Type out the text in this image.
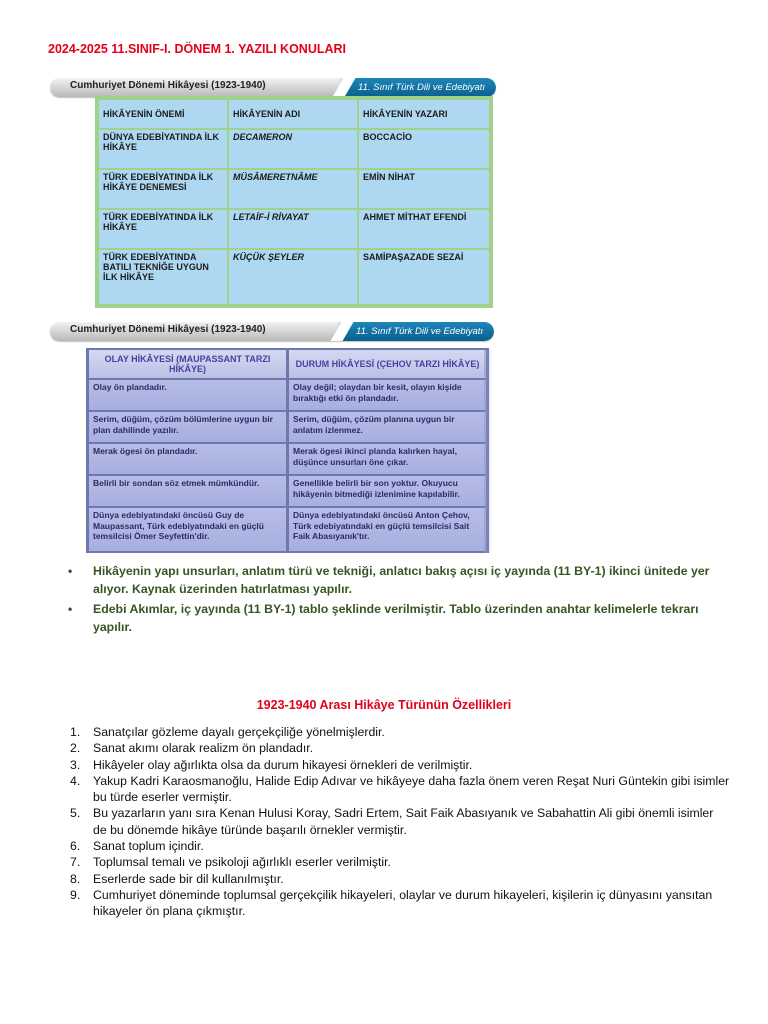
2024-2025 11.SINIF-I. DÖNEM 1. YAZILI KONULARI
Cumhuriyet Dönemi Hikâyesi (1923-1940)	11. Sınıf Türk Dili ve Edebiyatı
HİKÂYENİN ÖNEMİ	HİKÂYENİN ADI	HİKÂYENİN YAZARI
DÜNYA EDEBİYATINDA İLK HİKÂYE	DECAMERON	BOCCACİO
TÜRK EDEBİYATINDA İLK HİKÂYE DENEMESİ	MÜSÂMERETNÂME	EMİN NİHAT
TÜRK EDEBİYATINDA İLK HİKÂYE	LETAİF-İ RİVAYAT	AHMET MİTHAT EFENDİ
TÜRK EDEBİYATINDA BATILI TEKNİĞE UYGUN İLK HİKÂYE	KÜÇÜK ŞEYLER	SAMİPAŞAZADE SEZAİ
Cumhuriyet Dönemi Hikâyesi (1923-1940)	11. Sınıf Türk Dili ve Edebiyatı
OLAY HİKÂYESİ (MAUPASSANT TARZI HİKÂYE)	DURUM HİKÂYESİ (ÇEHOV TARZI HİKÂYE)
Olay ön plandadır.	Olay değil; olaydan bir kesit, olayın kişide bıraktığı etki ön plandadır.
Serim, düğüm, çözüm bölümlerine uygun bir plan dahilinde yazılır.	Serim, düğüm, çözüm planına uygun bir anlatım izlenmez.
Merak ögesi ön plandadır.	Merak ögesi ikinci planda kalırken hayal, düşünce unsurları öne çıkar.
Belirli bir sondan söz etmek mümkündür.	Genellikle belirli bir son yoktur. Okuyucu hikâyenin bitmediği izlenimine kapılabilir.
Dünya edebiyatındaki öncüsü Guy de Maupassant, Türk edebiyatındaki en güçlü temsilcisi Ömer Seyfettin'dir.	Dünya edebiyatındaki öncüsü Anton Çehov, Türk edebiyatındaki en güçlü temsilcisi Sait Faik Abasıyanık'tır.
• Hikâyenin yapı unsurları, anlatım türü ve tekniği, anlatıcı bakış açısı iç yayında (11 BY-1) ikinci ünitede yer alıyor. Kaynak üzerinden hatırlatması yapılır.
• Edebi Akımlar, iç yayında (11 BY-1) tablo şeklinde verilmiştir. Tablo üzerinden anahtar kelimelerle tekrarı yapılır.
1923-1940 Arası Hikâye Türünün Özellikleri
1. Sanatçılar gözleme dayalı gerçekçiliğe yönelmişlerdir.
2. Sanat akımı olarak realizm ön plandadır.
3. Hikâyeler olay ağırlıkta olsa da durum hikayesi örnekleri de verilmiştir.
4. Yakup Kadri Karaosmanoğlu, Halide Edip Adıvar ve hikâyeye daha fazla önem veren Reşat Nuri Güntekin gibi isimler bu türde eserler vermiştir.
5. Bu yazarların yanı sıra Kenan Hulusi Koray, Sadri Ertem, Sait Faik Abasıyanık ve Sabahattin Ali gibi önemli isimler de bu dönemde hikâye türünde başarılı örnekler vermiştir.
6. Sanat toplum içindir.
7. Toplumsal temalı ve psikoloji ağırlıklı eserler verilmiştir.
8. Eserlerde sade bir dil kullanılmıştır.
9. Cumhuriyet döneminde toplumsal gerçekçilik hikayeleri, olaylar ve durum hikayeleri, kişilerin iç dünyasını yansıtan hikayeler ön plana çıkmıştır.
